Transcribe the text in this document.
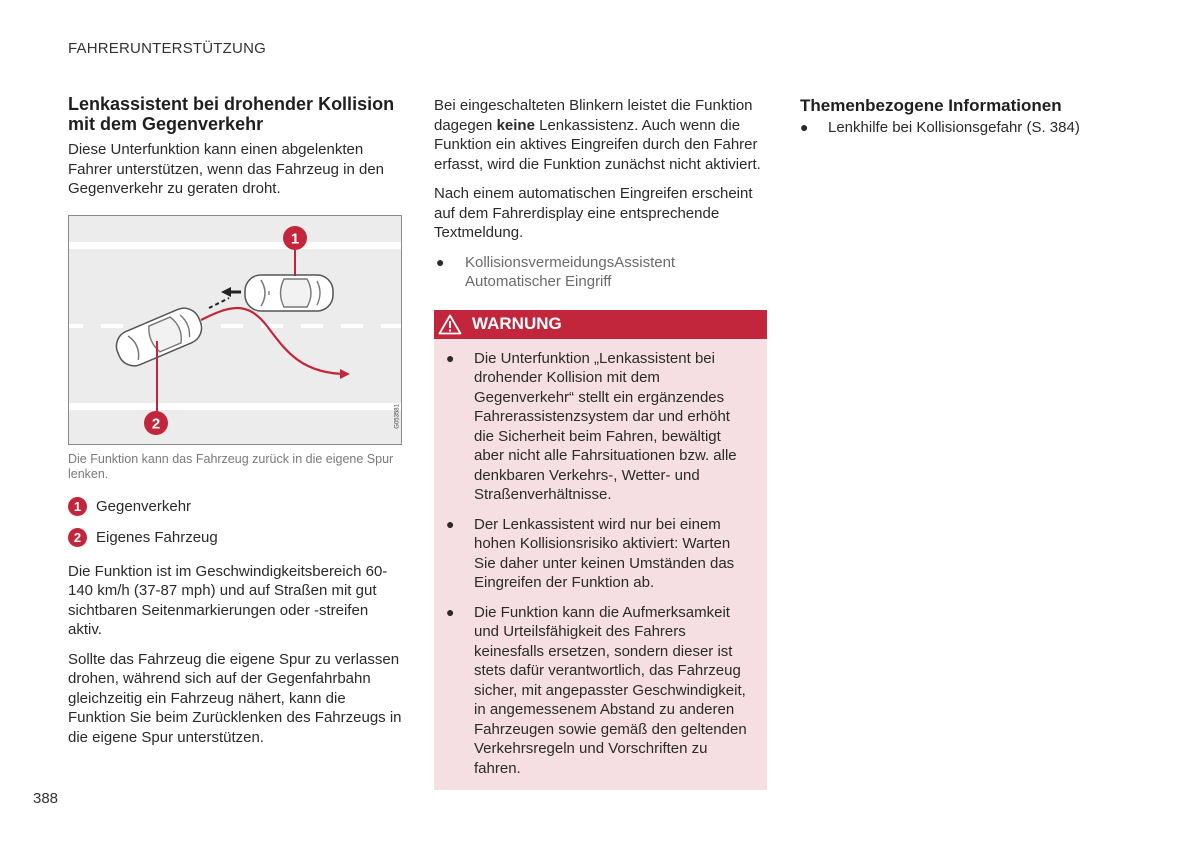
FAHRERUNTERSTÜTZUNG
Lenkassistent bei drohender Kollision mit dem Gegenverkehr

Diese Unterfunktion kann einen abgelenkten Fahrer unterstützen, wenn das Fahrzeug in den Gegenverkehr zu geraten droht.

1
2	G053581
Die Funktion kann das Fahrzeug zurück in die eigene Spur lenken.
1 Gegenverkehr
2 Eigenes Fahrzeug

Die Funktion ist im Geschwindigkeitsbereich 60-140 km/h (37-87 mph) und auf Straßen mit gut sichtbaren Seitenmarkierungen oder -streifen aktiv.

Sollte das Fahrzeug die eigene Spur zu verlassen drohen, während sich auf der Gegenfahrbahn gleichzeitig ein Fahrzeug nähert, kann die Funktion Sie beim Zurücklenken des Fahrzeugs in die eigene Spur unterstützen.

Bei eingeschalteten Blinkern leistet die Funktion dagegen keine Lenkassistenz. Auch wenn die Funktion ein aktives Eingreifen durch den Fahrer erfasst, wird die Funktion zunächst nicht aktiviert.

Nach einem automatischen Eingreifen erscheint auf dem Fahrerdisplay eine entsprechende Textmeldung.

●	KollisionsvermeidungsAssistent Automatischer Eingriff
WARNUNG
●	Die Unterfunktion „Lenkassistent bei drohender Kollision mit dem Gegenverkehr“ stellt ein ergänzendes Fahrerassistenzsystem dar und erhöht die Sicherheit beim Fahren, bewältigt aber nicht alle Fahrsituationen bzw. alle denkbaren Verkehrs-, Wetter- und Straßenverhältnisse.
●	Der Lenkassistent wird nur bei einem hohen Kollisionsrisiko aktiviert: Warten Sie daher unter keinen Umständen das Eingreifen der Funktion ab.
●	Die Funktion kann die Aufmerksamkeit und Urteilsfähigkeit des Fahrers keinesfalls ersetzen, sondern dieser ist stets dafür verantwortlich, das Fahrzeug sicher, mit angepasster Geschwindigkeit, in angemessenem Abstand zu anderen Fahrzeugen sowie gemäß den geltenden Verkehrsregeln und Vorschriften zu fahren.
Themenbezogene Informationen
●	Lenkhilfe bei Kollisionsgefahr (S. 384)
388
